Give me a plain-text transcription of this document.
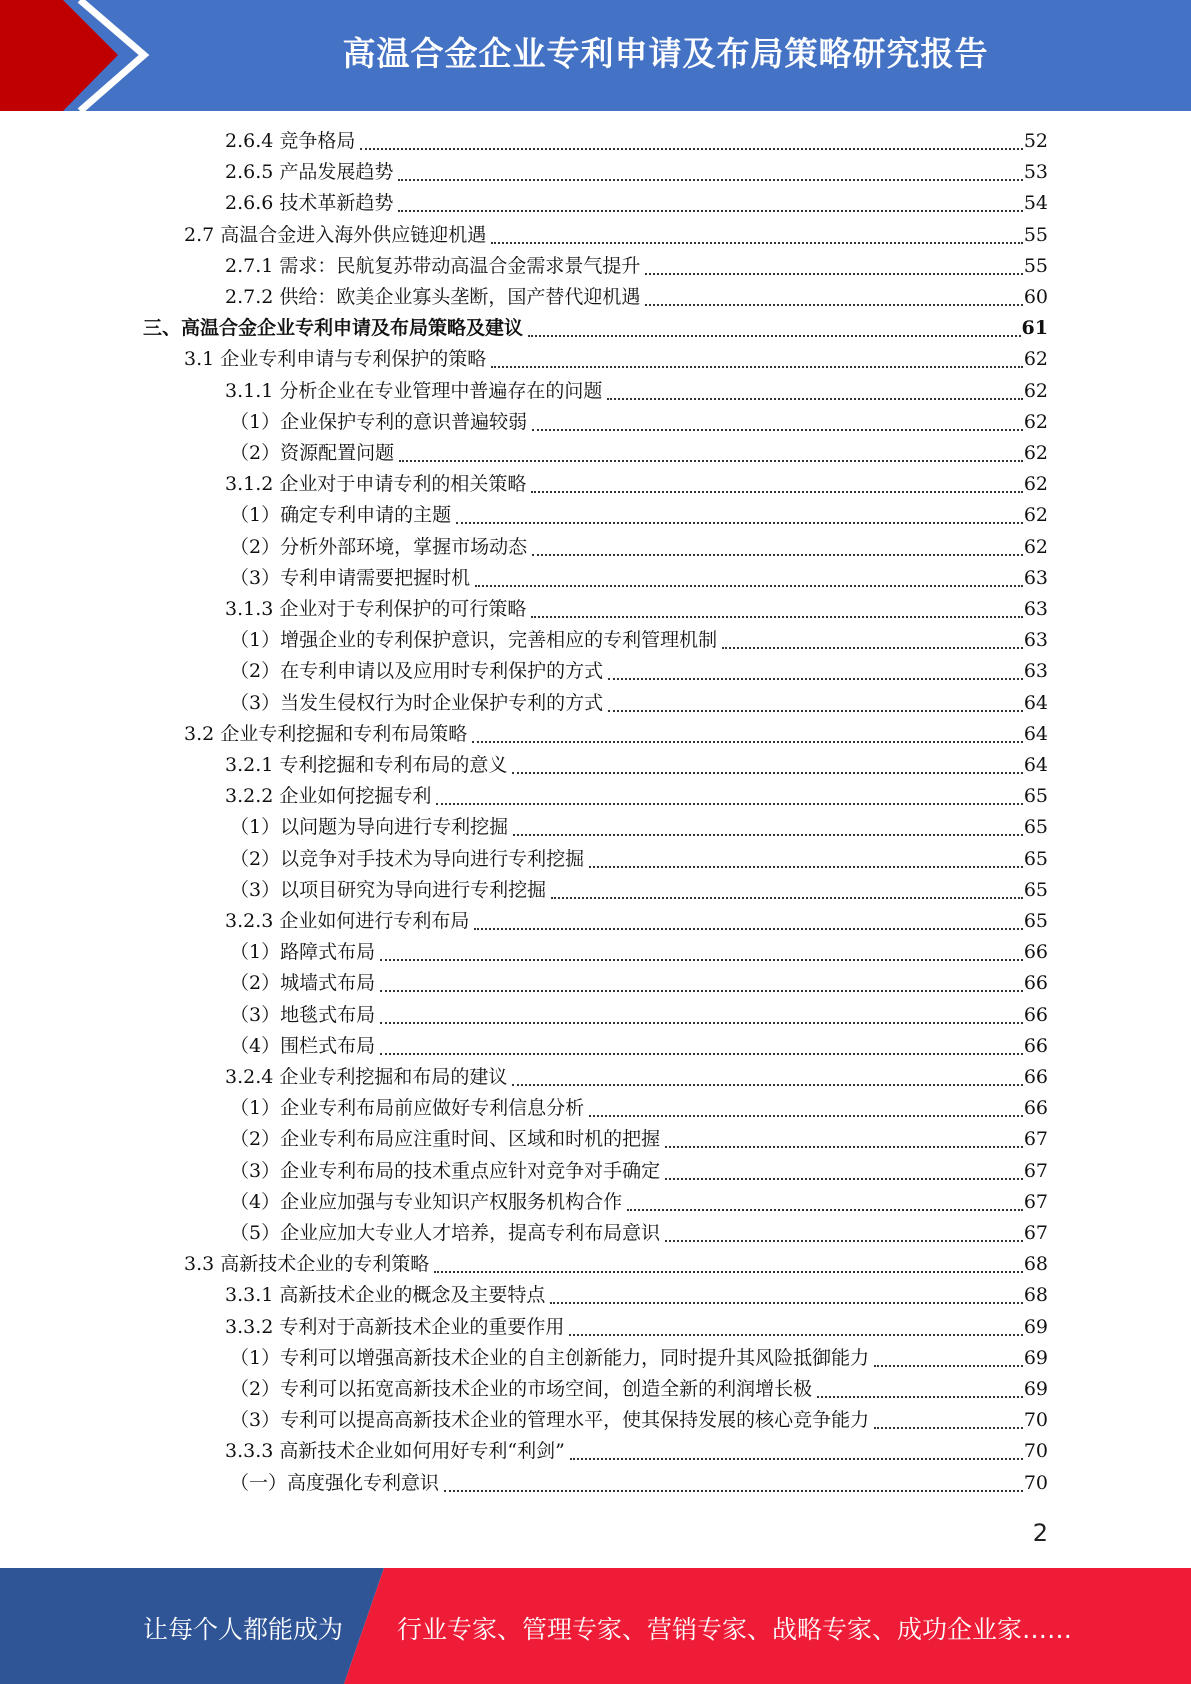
高温合金企业专利申请及布局策略研究报告
2.6.4 竞争格局	52
2.6.5 产品发展趋势	53
2.6.6 技术革新趋势	54
2.7 高温合金进入海外供应链迎机遇	55
2.7.1 需求：民航复苏带动高温合金需求景气提升	55
2.7.2 供给：欧美企业寡头垄断，国产替代迎机遇	60
三、高温合金企业专利申请及布局策略及建议	61
3.1 企业专利申请与专利保护的策略	62
3.1.1 分析企业在专业管理中普遍存在的问题	62
（1）企业保护专利的意识普遍较弱	62
（2）资源配置问题	62
3.1.2 企业对于申请专利的相关策略	62
（1）确定专利申请的主题	62
（2）分析外部环境，掌握市场动态	62
（3）专利申请需要把握时机	63
3.1.3 企业对于专利保护的可行策略	63
（1）增强企业的专利保护意识，完善相应的专利管理机制	63
（2）在专利申请以及应用时专利保护的方式	63
（3）当发生侵权行为时企业保护专利的方式	64
3.2 企业专利挖掘和专利布局策略	64
3.2.1 专利挖掘和专利布局的意义	64
3.2.2 企业如何挖掘专利	65
（1）以问题为导向进行专利挖掘	65
（2）以竞争对手技术为导向进行专利挖掘	65
（3）以项目研究为导向进行专利挖掘	65
3.2.3 企业如何进行专利布局	65
（1）路障式布局	66
（2）城墙式布局	66
（3）地毯式布局	66
（4）围栏式布局	66
3.2.4 企业专利挖掘和布局的建议	66
（1）企业专利布局前应做好专利信息分析	66
（2）企业专利布局应注重时间、区域和时机的把握	67
（3）企业专利布局的技术重点应针对竞争对手确定	67
（4）企业应加强与专业知识产权服务机构合作	67
（5）企业应加大专业人才培养，提高专利布局意识	67
3.3 高新技术企业的专利策略	68
3.3.1 高新技术企业的概念及主要特点	68
3.3.2 专利对于高新技术企业的重要作用	69
（1）专利可以增强高新技术企业的自主创新能力，同时提升其风险抵御能力	69
（2）专利可以拓宽高新技术企业的市场空间，创造全新的利润增长极	69
（3）专利可以提高高新技术企业的管理水平，使其保持发展的核心竞争能力	70
3.3.3 高新技术企业如何用好专利“利剑”	70
（一）高度强化专利意识	70
2
让每个人都能成为 行业专家、管理专家、营销专家、战略专家、成功企业家……
